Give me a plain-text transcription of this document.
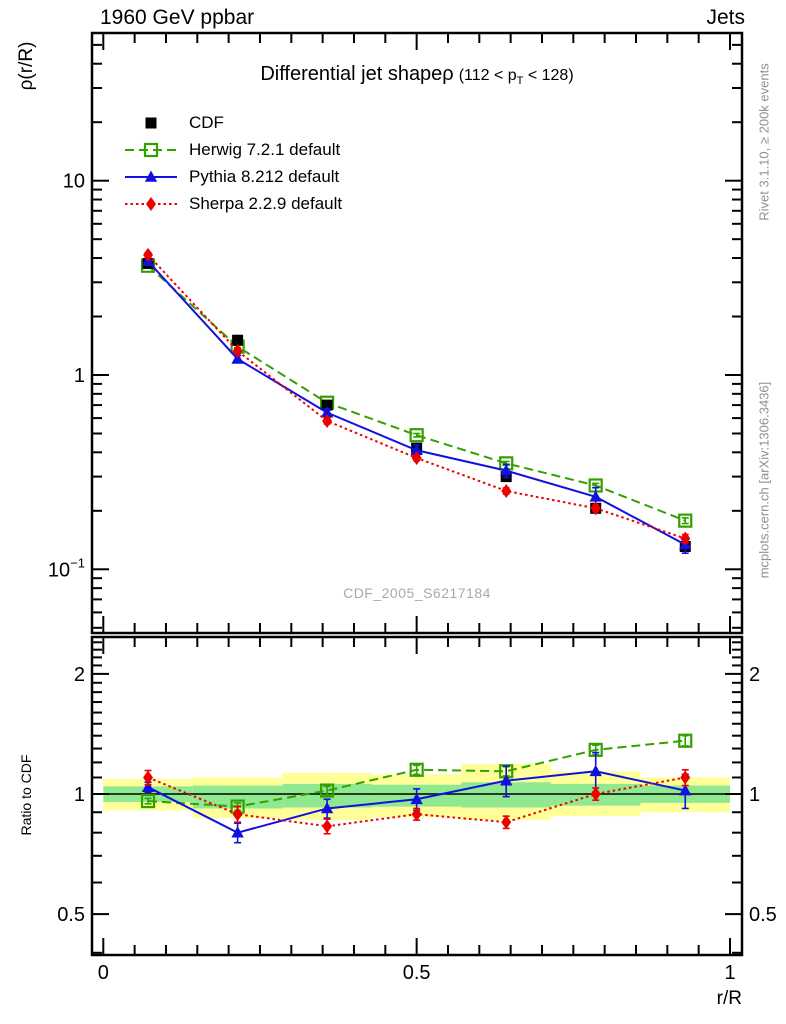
1960 GeV ppbar	Jets
10
1
$10^{-1}$
2	2
1	1
0.5	0.5
0	0.5	1
Differential jet shapeρ $(112 < p_T < 128)$
ρ(r/R)
Ratio to CDF
r/R
Rivet 3.1.10, ≥ 200k events
mcplots.cern.ch [arXiv:1306.3436]
CDF_2005_S6217184
CDF
Herwig 7.2.1 default
Pythia 8.212 default
Sherpa 2.2.9 default
